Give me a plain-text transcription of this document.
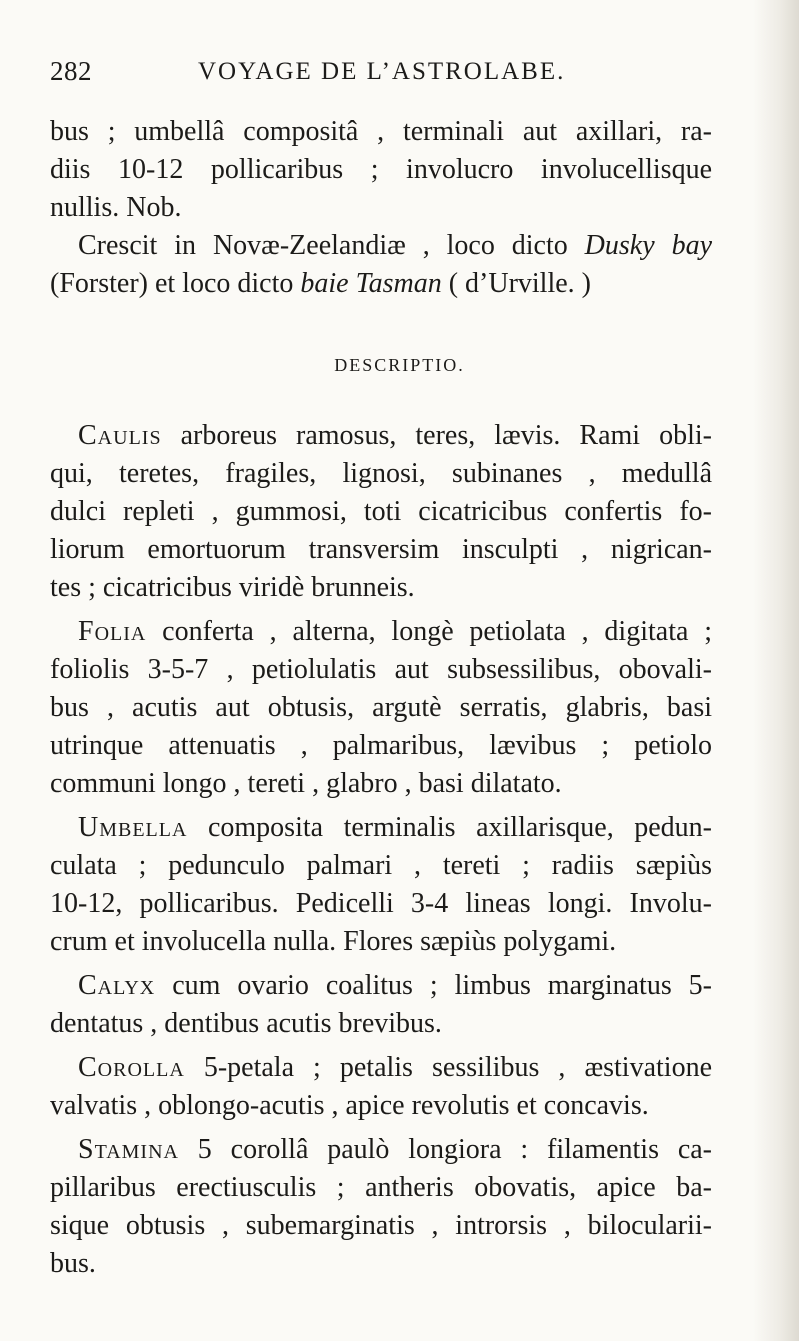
282	VOYAGE DE L’ASTROLABE.
bus ; umbellâ compositâ , terminali aut axillari, ra-
diis 10-12 pollicaribus ; involucro involucellisque
nullis. Nob.
Crescit in Novæ-Zeelandiæ , loco dicto Dusky bay
(Forster) et loco dicto baie Tasman ( d’Urville. )
DESCRIPTIO.
Caulis arboreus ramosus, teres, lævis. Rami obli-
qui, teretes, fragiles, lignosi, subinanes , medullâ
dulci repleti , gummosi, toti cicatricibus confertis fo-
liorum emortuorum transversim insculpti , nigrican-
tes ; cicatricibus viridè brunneis.
Folia conferta , alterna, longè petiolata , digitata ;
foliolis 3-5-7 , petiolulatis aut subsessilibus, obovali-
bus , acutis aut obtusis, argutè serratis, glabris, basi
utrinque attenuatis , palmaribus, lævibus ; petiolo
communi longo , tereti , glabro , basi dilatato.
Umbella composita terminalis axillarisque, pedun-
culata ; pedunculo palmari , tereti ; radiis sæpiùs
10-12, pollicaribus. Pedicelli 3-4 lineas longi. Involu-
crum et involucella nulla. Flores sæpiùs polygami.
Calyx cum ovario coalitus ; limbus marginatus 5-
dentatus , dentibus acutis brevibus.
Corolla 5-petala ; petalis sessilibus , æstivatione
valvatis , oblongo-acutis , apice revolutis et concavis.
Stamina 5 corollâ paulò longiora : filamentis ca-
pillaribus erectiusculis ; antheris obovatis, apice ba-
sique obtusis , subemarginatis , introrsis , bilocularii-
bus.
